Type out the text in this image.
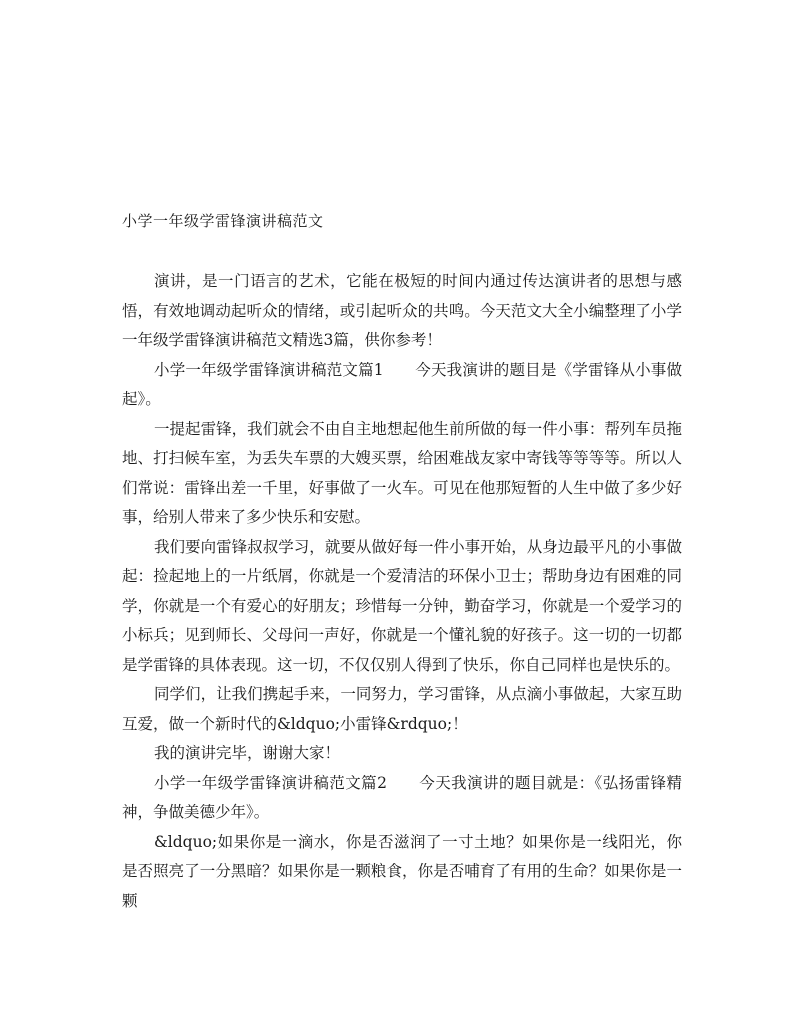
小学一年级学雷锋演讲稿范文

演讲，是一门语言的艺术，它能在极短的时间内通过传达演讲者的思想与感悟，有效地调动起听众的情绪，或引起听众的共鸣。今天范文大全小编整理了小学一年级学雷锋演讲稿范文精选3篇，供你参考！

小学一年级学雷锋演讲稿范文篇1　　今天我演讲的题目是《学雷锋从小事做起》。

一提起雷锋，我们就会不由自主地想起他生前所做的每一件小事：帮列车员拖地、打扫候车室，为丢失车票的大嫂买票，给困难战友家中寄钱等等等等。所以人们常说：雷锋出差一千里，好事做了一火车。可见在他那短暂的人生中做了多少好事，给别人带来了多少快乐和安慰。

我们要向雷锋叔叔学习，就要从做好每一件小事开始，从身边最平凡的小事做起：捡起地上的一片纸屑，你就是一个爱清洁的环保小卫士；帮助身边有困难的同学，你就是一个有爱心的好朋友；珍惜每一分钟，勤奋学习，你就是一个爱学习的小标兵；见到师长、父母问一声好，你就是一个懂礼貌的好孩子。这一切的一切都是学雷锋的具体表现。这一切，不仅仅别人得到了快乐，你自己同样也是快乐的。

同学们，让我们携起手来，一同努力，学习雷锋，从点滴小事做起，大家互助互爱，做一个新时代的&ldquo;小雷锋&rdquo;！

我的演讲完毕，谢谢大家！

小学一年级学雷锋演讲稿范文篇2　　今天我演讲的题目就是：《弘扬雷锋精神，争做美德少年》。

&ldquo;如果你是一滴水，你是否滋润了一寸土地？如果你是一线阳光，你是否照亮了一分黑暗？如果你是一颗粮食，你是否哺育了有用的生命？如果你是一颗
